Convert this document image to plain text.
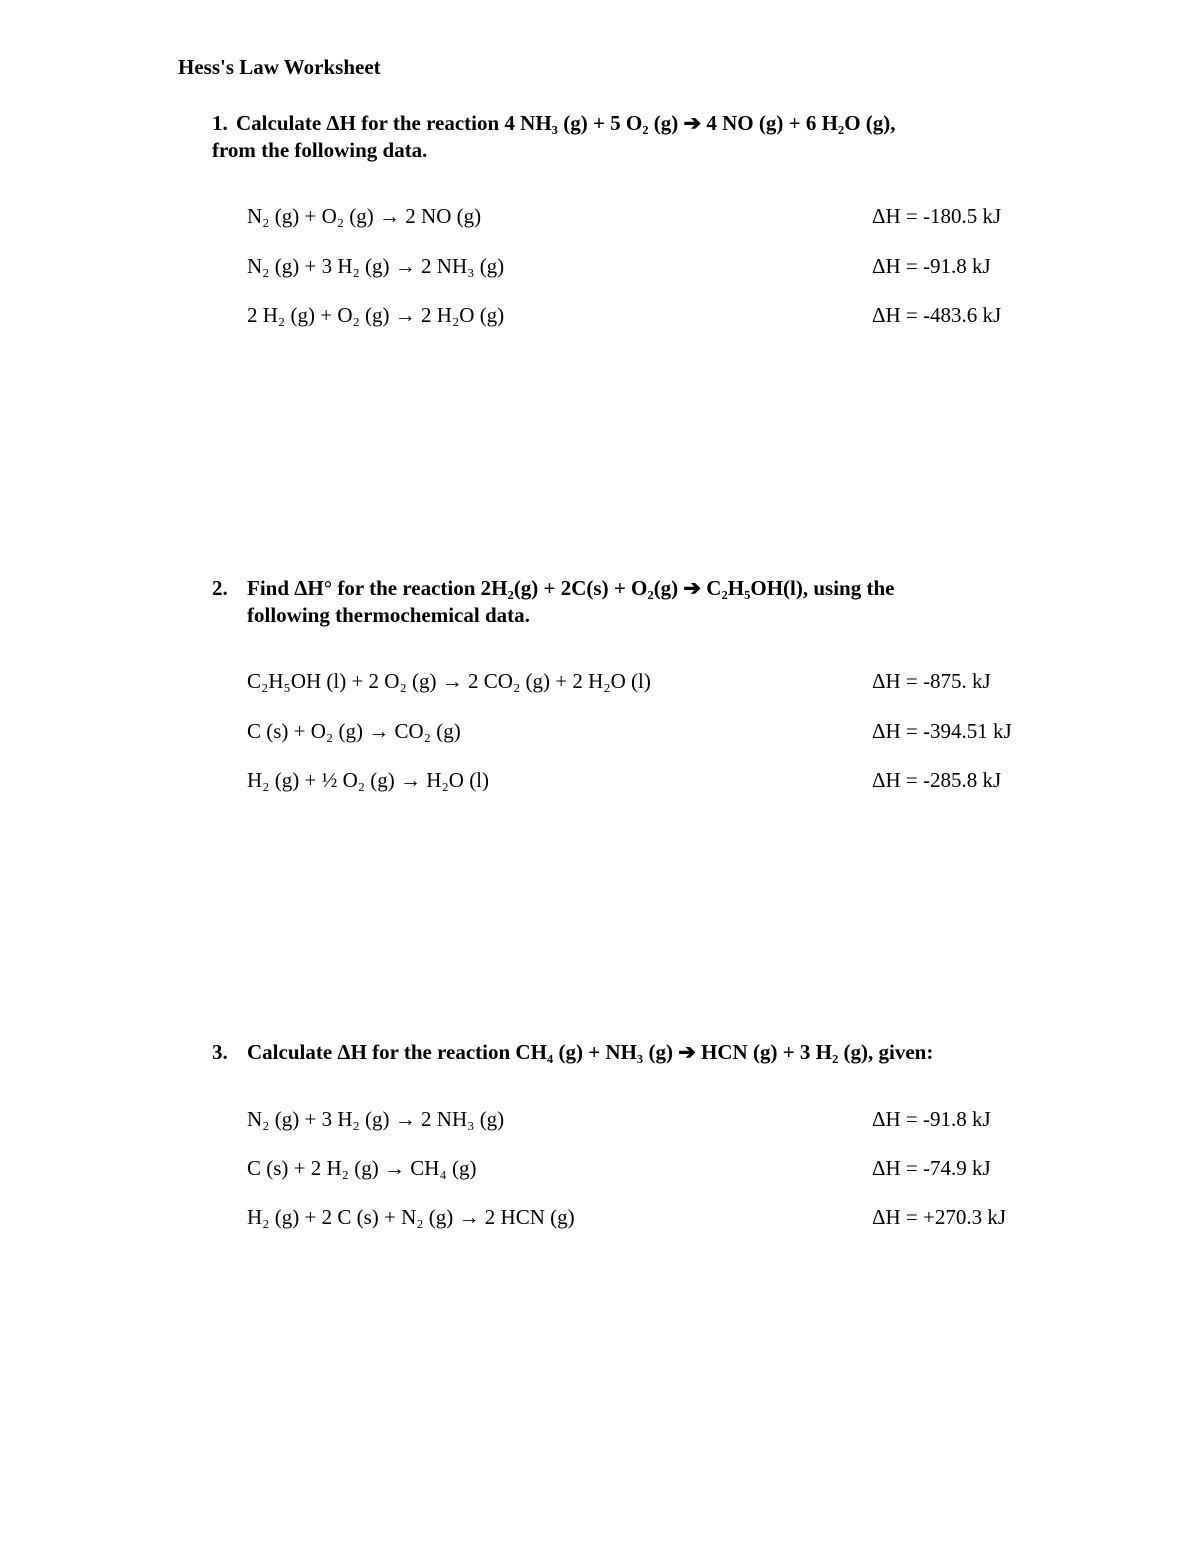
Hess's Law Worksheet
1. Calculate ΔH for the reaction 4 NH₃ (g) + 5 O₂ (g) ➔ 4 NO (g) + 6 H₂O (g),
from the following data.
N₂ (g) + O₂ (g) → 2 NO (g)	ΔH = -180.5 kJ
N₂ (g) + 3 H₂ (g) → 2 NH₃ (g)	ΔH = -91.8 kJ
2 H₂ (g) + O₂ (g) → 2 H₂O (g)	ΔH = -483.6 kJ
2. Find ΔH° for the reaction 2H₂(g) + 2C(s) + O₂(g) ➔ C₂H₅OH(l), using the
following thermochemical data.
C₂H₅OH (l) + 2 O₂ (g) → 2 CO₂ (g) + 2 H₂O (l)	ΔH = -875. kJ
C (s) + O₂ (g) → CO₂ (g)	ΔH = -394.51 kJ
H₂ (g) + ½ O₂ (g) → H₂O (l)	ΔH = -285.8 kJ
3. Calculate ΔH for the reaction CH₄ (g) + NH₃ (g) ➔ HCN (g) + 3 H₂ (g), given:
N₂ (g) + 3 H₂ (g) → 2 NH₃ (g)	ΔH = -91.8 kJ
C (s) + 2 H₂ (g) → CH₄ (g)	ΔH = -74.9 kJ
H₂ (g) + 2 C (s) + N₂ (g) → 2 HCN (g)	ΔH = +270.3 kJ
